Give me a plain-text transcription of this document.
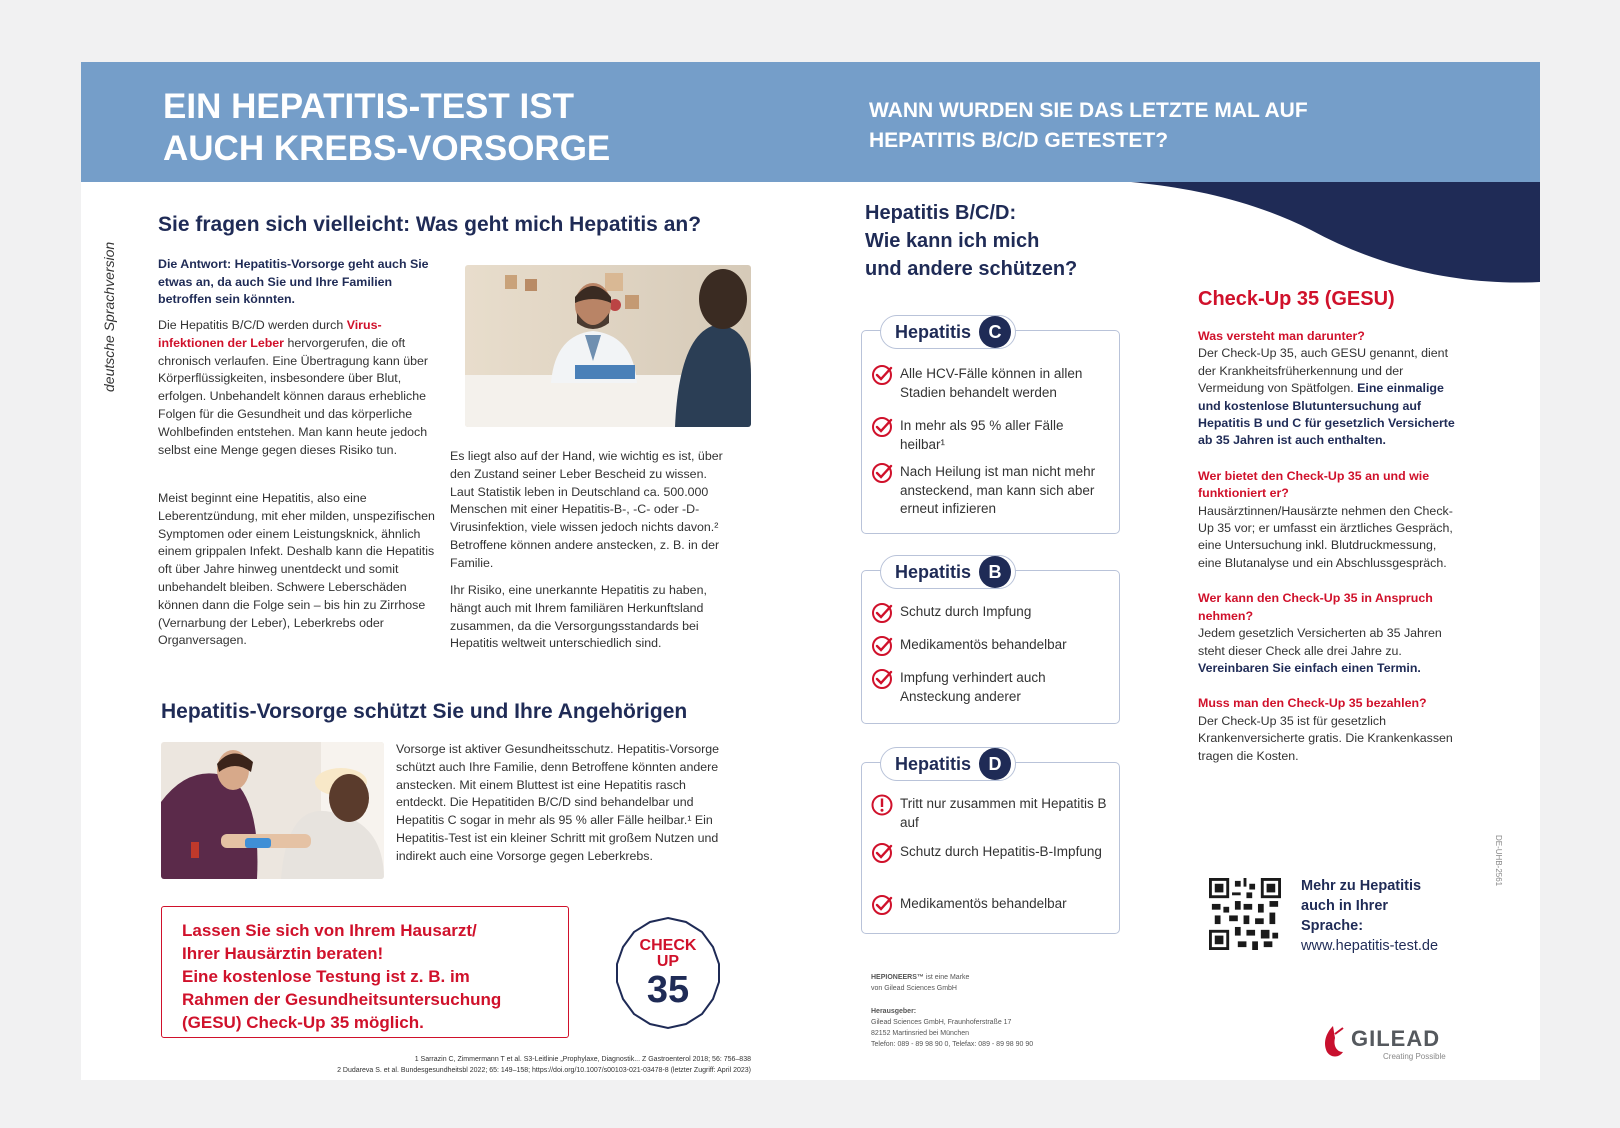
EIN HEPATITIS-TEST IST
AUCH KREBS-VORSORGE
WANN WURDEN SIE DAS LETZTE MAL AUF
HEPATITIS B/C/D GETESTET?
deutsche Sprachversion
DE-UHB-2561
Sie fragen sich vielleicht: Was geht mich Hepatitis an?
Die Antwort: Hepatitis-Vorsorge geht auch Sie etwas an, da auch Sie und Ihre Familien betroffen sein könnten.
Die Hepatitis B/C/D werden durch Virusinfektionen der Leber hervorgerufen, die oft chronisch verlaufen. Eine Übertragung kann über Körperflüssigkeiten, insbesondere über Blut, erfolgen. Unbehandelt können daraus erhebliche Folgen für die Gesundheit und das körperliche Wohlbefinden entstehen. Man kann heute jedoch selbst eine Menge gegen dieses Risiko tun.
Meist beginnt eine Hepatitis, also eine Leberentzündung, mit eher milden, unspezifischen Symptomen oder einem Leistungsknick, ähnlich einem grippalen Infekt. Deshalb kann die Hepatitis oft über Jahre hinweg unentdeckt und somit unbehandelt bleiben. Schwere Leberschäden können dann die Folge sein – bis hin zu Zirrhose (Vernarbung der Leber), Leberkrebs oder Organversagen.
Es liegt also auf der Hand, wie wichtig es ist, über den Zustand seiner Leber Bescheid zu wissen. Laut Statistik leben in Deutschland ca. 500.000 Menschen mit einer Hepatitis-B-, -C- oder -D-Virusinfektion, viele wissen jedoch nichts davon.² Betroffene können andere anstecken, z. B. in der Familie.
Ihr Risiko, eine unerkannte Hepatitis zu haben, hängt auch mit Ihrem familiären Herkunftsland zusammen, da die Versorgungsstandards bei Hepatitis weltweit unterschiedlich sind.
Hepatitis-Vorsorge schützt Sie und Ihre Angehörigen
Vorsorge ist aktiver Gesundheitsschutz. Hepatitis-Vorsorge schützt auch Ihre Familie, denn Betroffene könnten andere anstecken. Mit einem Bluttest ist eine Hepatitis rasch entdeckt. Die Hepatitiden B/C/D sind behandelbar und Hepatitis C sogar in mehr als 95 % aller Fälle heilbar.¹ Ein Hepatitis-Test ist ein kleiner Schritt mit großem Nutzen und indirekt auch eine Vorsorge gegen Leberkrebs.

Lassen Sie sich von Ihrem Hausarzt/

Ihrer Hausärztin beraten!

Eine kostenlose Testung ist z. B. im

Rahmen der Gesundheitsuntersuchung

(GESU) Check-Up 35 möglich.

CHECK
UP
35
1 Sarrazin C, Zimmermann T et al. S3-Leitlinie „Prophylaxe, Diagnostik... Z Gastroenterol 2018; 56: 756–838
2 Dudareva S. et al. Bundesgesundheitsbl 2022; 65: 149–158; https://doi.org/10.1007/s00103-021-03478-8 (letzter Zugriff: April 2023)
Hepatitis B/C/D:
Wie kann ich mich
und andere schützen?
Hepatitis C
Alle HCV-Fälle können in allen Stadien behandelt werden
In mehr als 95 % aller Fälle heilbar¹
Nach Heilung ist man nicht mehr ansteckend, man kann sich aber erneut infizieren
Hepatitis B
Schutz durch Impfung
Medikamentös behandelbar
Impfung verhindert auch Ansteckung anderer
Hepatitis D
Tritt nur zusammen mit Hepatitis B auf
Schutz durch Hepatitis-B-Impfung
Medikamentös behandelbar
HEPIONEERS™ ist eine Marke
von Gilead Sciences GmbH
Herausgeber:
Gilead Sciences GmbH, Fraunhoferstraße 17
82152 Martinsried bei München
Telefon: 089 - 89 98 90 0, Telefax: 089 - 89 98 90 90
Check-Up 35 (GESU)
Was versteht man darunter?
Der Check-Up 35, auch GESU genannt, dient der Krankheitsfrüherkennung und der Vermeidung von Spätfolgen. Eine einmalige und kostenlose Blutuntersuchung auf Hepatitis B und C für gesetzlich Versicherte ab 35 Jahren ist auch enthalten.
Wer bietet den Check-Up 35 an und wie funktioniert er?
Hausärztinnen/Hausärzte nehmen den Check-Up 35 vor; er umfasst ein ärztliches Gespräch, eine Untersuchung inkl. Blutdruckmessung, eine Blutanalyse und ein Abschlussgespräch.
Wer kann den Check-Up 35 in Anspruch nehmen?
Jedem gesetzlich Versicherten ab 35 Jahren steht dieser Check alle drei Jahre zu. Vereinbaren Sie einfach einen Termin.
Muss man den Check-Up 35 bezahlen?
Der Check-Up 35 ist für gesetzlich Krankenversicherte gratis. Die Krankenkassen tragen die Kosten.
Mehr zu Hepatitis
auch in Ihrer
Sprache:
www.hepatitis-test.de
GILEAD
Creating Possible
